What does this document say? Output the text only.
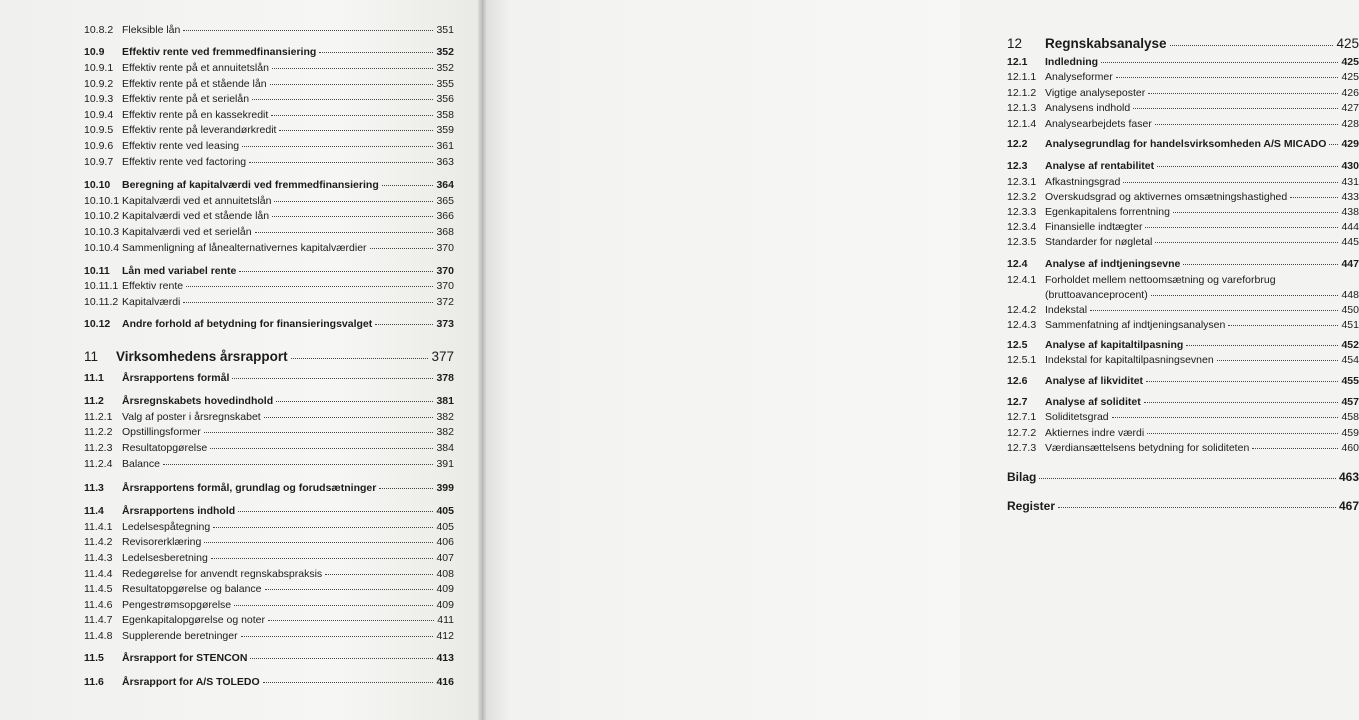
10.8.2 Fleksible lån	351
10.9	Effektiv rente ved fremmedfinansiering	352
10.9.1 Effektiv rente på et annuitetslån	352
10.9.2 Effektiv rente på et stående lån	355
10.9.3 Effektiv rente på et serielån	356
10.9.4 Effektiv rente på en kassekredit	358
10.9.5 Effektiv rente på leverandørkredit	359
10.9.6 Effektiv rente ved leasing	361
10.9.7 Effektiv rente ved factoring	363
10.10	Beregning af kapitalværdi ved fremmedfinansiering	364
10.10.1 Kapitalværdi ved et annuitetslån	365
10.10.2 Kapitalværdi ved et stående lån	366
10.10.3 Kapitalværdi ved et serielån	368
10.10.4 Sammenligning af lånealternativernes kapitalværdier	370
10.11	Lån med variabel rente	370
10.11.1 Effektiv rente	370
10.11.2 Kapitalværdi	372
10.12	Andre forhold af betydning for finansieringsvalget	373
11	Virksomhedens årsrapport	377
11.1	Årsrapportens formål	378
11.2	Årsregnskabets hovedindhold	381
11.2.1 Valg af poster i årsregnskabet	382
11.2.2 Opstillingsformer	382
11.2.3 Resultatopgørelse	384
11.2.4 Balance	391
11.3	Årsrapportens formål, grundlag og forudsætninger	399
11.4	Årsrapportens indhold	405
11.4.1 Ledelsespåtegning	405
11.4.2 Revisorerklæring	406
11.4.3 Ledelsesberetning	407
11.4.4 Redegørelse for anvendt regnskabspraksis	408
11.4.5 Resultatopgørelse og balance	409
11.4.6 Pengestrømsopgørelse	409
11.4.7 Egenkapitalopgørelse og noter	411
11.4.8 Supplerende beretninger	412
11.5	Årsrapport for STENCON	413
11.6	Årsrapport for A/S TOLEDO	416
12	Regnskabsanalyse	425
12.1	Indledning	425
12.1.1 Analyseformer	425
12.1.2 Vigtige analyseposter	426
12.1.3 Analysens indhold	427
12.1.4 Analysearbejdets faser	428
12.2	Analysegrundlag for handelsvirksomheden A/S MICADO 429
12.3	Analyse af rentabilitet	430
12.3.1 Afkastningsgrad	431
12.3.2 Overskudsgrad og aktivernes omsætningshastighed	433
12.3.3 Egenkapitalens forrentning	438
12.3.4 Finansielle indtægter	444
12.3.5 Standarder for nøgletal	445
12.4	Analyse af indtjeningsevne	447
12.4.1 Forholdet mellem nettoomsætning og vareforbrug
(bruttoavanceprocent)	448
12.4.2 Indekstal	450
12.4.3 Sammenfatning af indtjeningsanalysen	451
12.5	Analyse af kapitaltilpasning	452
12.5.1 Indekstal for kapitaltilpasningsevnen	454
12.6	Analyse af likviditet	455
12.7	Analyse af soliditet	457
12.7.1 Soliditetsgrad	458
12.7.2 Aktiernes indre værdi	459
12.7.3 Værdiansættelsens betydning for soliditeten	460
Bilag	463
Register	467
